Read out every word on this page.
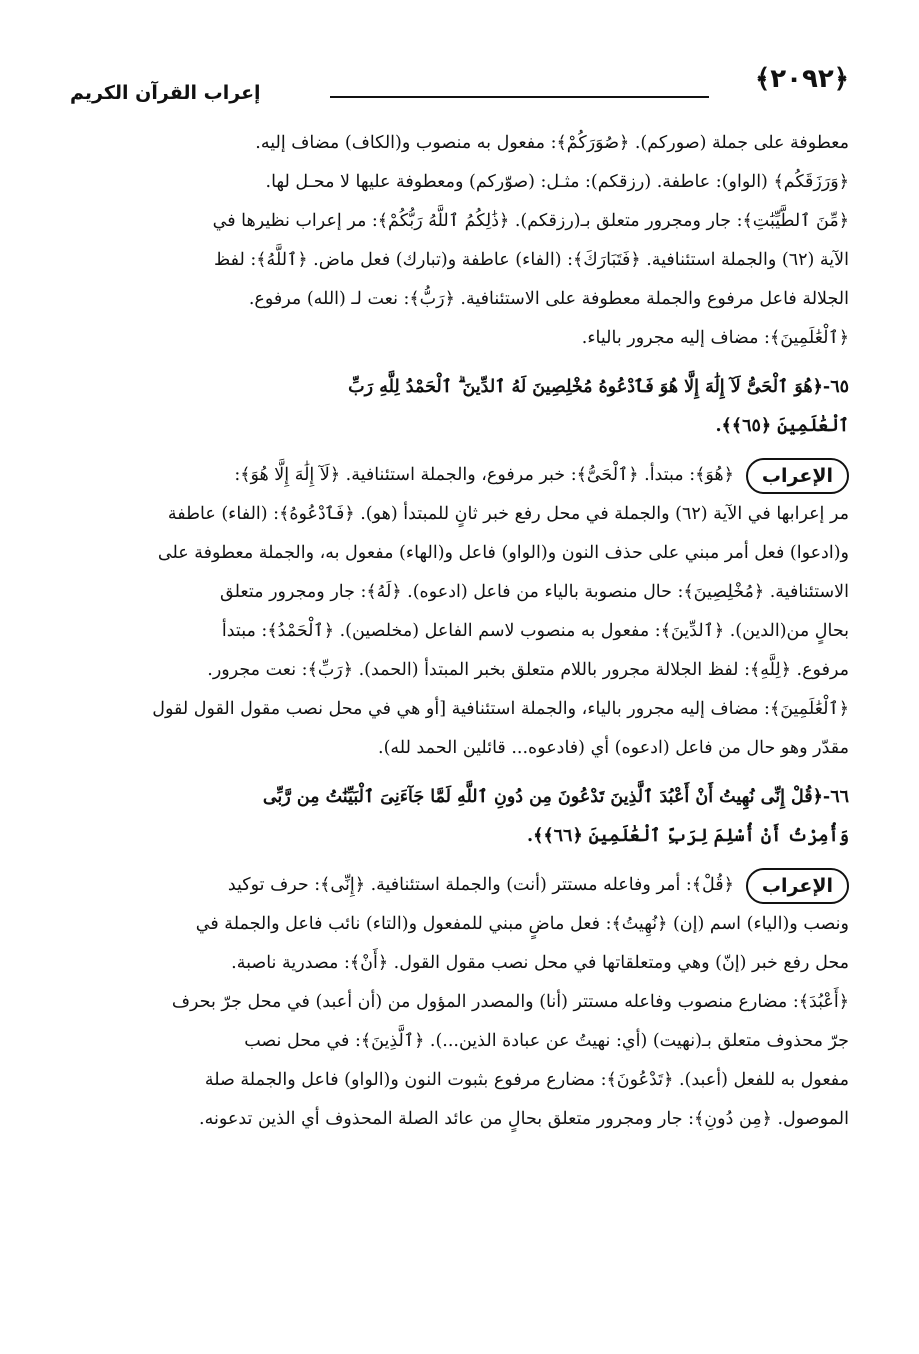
﴾٢٠٩٢﴿
إعراب القرآن الكريم

معطوفة على جملة (صوركم). ﴿صُوَرَكُمْ﴾: مفعول به منصوب و(الكاف) مضاف إليه.

﴿وَرَزَقَكُم﴾ (الواو): عاطفة. (رزقكم): مثـل: (صوّركم) ومعطوفة عليها لا محـل لها.

﴿مِّنَ ٱلطَّيِّبَٰتِ﴾: جار ومجرور متعلق بـ(رزقكم). ﴿ذَٰلِكُمُ ٱللَّهُ رَبُّكُمْ﴾: مر إعراب نظيرها في

الآية (٦٢) والجملة استئنافية. ﴿فَتَبَارَكَ﴾: (الفاء) عاطفة و(تبارك) فعل ماض. ﴿ٱللَّهُ﴾: لفظ

الجلالة فاعل مرفوع والجملة معطوفة على الاستئنافية. ﴿رَبُّ﴾: نعت لـ (الله) مرفوع.

﴿ٱلْعَٰلَمِينَ﴾: مضاف إليه مجرور بالياء.

٦٥-﴿هُوَ ٱلْحَىُّ لَآ إِلَٰهَ إِلَّا هُوَ فَٱدْعُوهُ مُخْلِصِينَ لَهُ ٱلدِّينَ ۗ ٱلْحَمْدُ لِلَّهِ رَبِّ

ٱلْعَٰلَمِينَ ﴿٦٥﴾﴾.

الإعراب

﴿هُوَ﴾: مبتدأ. ﴿ٱلْحَىُّ﴾: خبر مرفوع، والجملة استئنافية. ﴿لَآ إِلَٰهَ إِلَّا هُوَ﴾:

مر إعرابها في الآية (٦٢) والجملة في محل رفع خبر ثانٍ للمبتدأ (هو). ﴿فَٱدْعُوهُ﴾: (الفاء) عاطفة

و(ادعوا) فعل أمر مبني على حذف النون و(الواو) فاعل و(الهاء) مفعول به، والجملة معطوفة على

الاستئنافية. ﴿مُخْلِصِينَ﴾: حال منصوبة بالياء من فاعل (ادعوه). ﴿لَهُ﴾: جار ومجرور متعلق

بحالٍ من(الدين). ﴿ٱلدِّينَ﴾: مفعول به منصوب لاسم الفاعل (مخلصين). ﴿ٱلْحَمْدُ﴾: مبتدأ

مرفوع. ﴿لِلَّهِ﴾: لفظ الجلالة مجرور باللام متعلق بخبر المبتدأ (الحمد). ﴿رَبِّ﴾: نعت مجرور.

﴿ٱلْعَٰلَمِينَ﴾: مضاف إليه مجرور بالياء، والجملة استئنافية [أو هي في محل نصب مقول القول لقول

مقدّر وهو حال من فاعل (ادعوه) أي (فادعوه... قائلين الحمد لله).

٦٦-﴿قُلْ إِنِّى نُهِيتُ أَنْ أَعْبُدَ ٱلَّذِينَ تَدْعُونَ مِن دُونِ ٱللَّهِ لَمَّا جَآءَنِىَ ٱلْبَيِّنَٰتُ مِن رَّبِّى

وَأُمِرْتُ أَنْ أُسْلِمَ لِرَبِّ ٱلْعَٰلَمِينَ ﴿٦٦﴾﴾.

الإعراب

﴿قُلْ﴾: أمر وفاعله مستتر (أنت) والجملة استئنافية. ﴿إِنِّى﴾: حرف توكيد

ونصب و(الياء) اسم (إن) ﴿نُهِيتُ﴾: فعل ماضٍ مبني للمفعول و(التاء) نائب فاعل والجملة في

محل رفع خبر (إنّ) وهي ومتعلقاتها في محل نصب مقول القول. ﴿أَنْ﴾: مصدرية ناصبة.

﴿أَعْبُدَ﴾: مضارع منصوب وفاعله مستتر (أنا) والمصدر المؤول من (أن أعبد) في محل جرّ بحرف

جرّ محذوف متعلق بـ(نهيت) (أي: نهيتُ عن عبادة الذين...). ﴿ٱلَّذِينَ﴾: في محل نصب

مفعول به للفعل (أعبد). ﴿تَدْعُونَ﴾: مضارع مرفوع بثبوت النون و(الواو) فاعل والجملة صلة

الموصول. ﴿مِن دُونِ﴾: جار ومجرور متعلق بحالٍ من عائد الصلة المحذوف أي الذين تدعونه.
